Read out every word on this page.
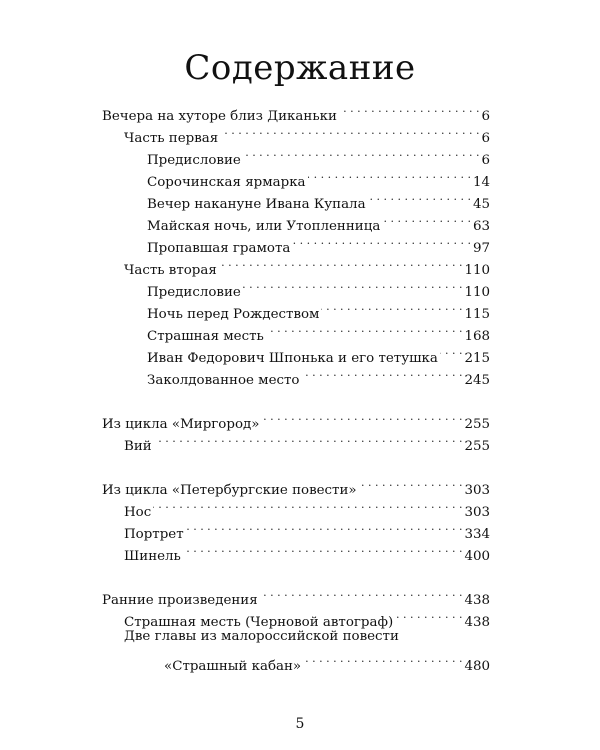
Содержание
Вечера на хуторе близ Диканьки . . .	6
Часть первая . . .	6
Предисловие . . .	6
Сорочинская ярмарка . . .	14
Вечер накануне Ивана Купала . . .	45
Майская ночь, или Утопленница . . .	63
Пропавшая грамота . . .	97
Часть вторая . . .	110
Предисловие . . .	110
Ночь перед Рождеством . . .	115
Страшная месть . . .	168
Иван Федорович Шпонька и его тетушка . . . 215
Заколдованное место . . .	245
Из цикла «Миргород» . . .	255
Вий . . .	255
Из цикла «Петербургские повести» . . .	303
Нос . . .	303
Портрет . . .	334
Шинель . . .	400
Ранние произведения . . .	438
Страшная месть (Черновой автограф) . . .	438
Две главы из малороссийской повести
«Страшный кабан» . . .	480
5
